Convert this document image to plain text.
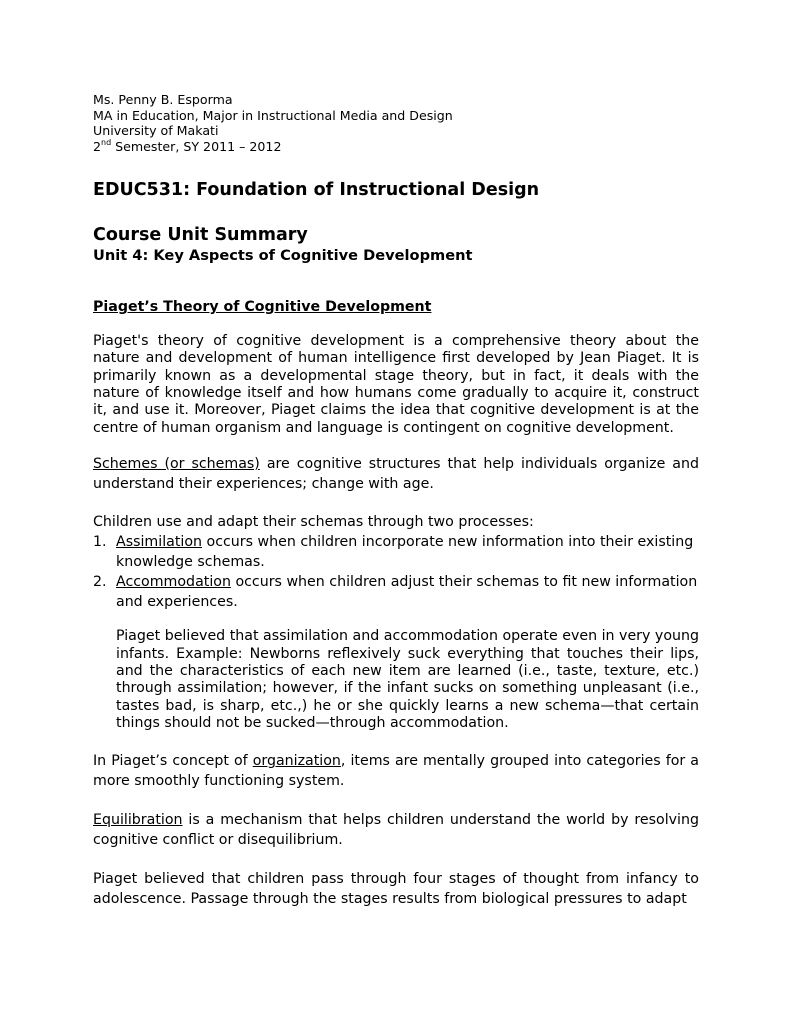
Ms. Penny B. Esporma
MA in Education, Major in Instructional Media and Design
University of Makati
2nd Semester, SY 2011 – 2012
EDUC531: Foundation of Instructional Design
Course Unit Summary
Unit 4: Key Aspects of Cognitive Development
Piaget’s Theory of Cognitive Development
Piaget's theory of cognitive development is a comprehensive theory about the nature and development of human intelligence first developed by Jean Piaget. It is primarily known as a developmental stage theory, but in fact, it deals with the nature of knowledge itself and how humans come gradually to acquire it, construct it, and use it. Moreover, Piaget claims the idea that cognitive development is at the centre of human organism and language is contingent on cognitive development.
Schemes (or schemas) are cognitive structures that help individuals organize and understand their experiences; change with age.
Children use and adapt their schemas through two processes:
1. Assimilation occurs when children incorporate new information into their existing knowledge schemas.
2. Accommodation occurs when children adjust their schemas to fit new information and experiences.
Piaget believed that assimilation and accommodation operate even in very young infants. Example: Newborns reflexively suck everything that touches their lips, and the characteristics of each new item are learned (i.e., taste, texture, etc.) through assimilation; however, if the infant sucks on something unpleasant (i.e., tastes bad, is sharp, etc.,) he or she quickly learns a new schema—that certain things should not be sucked—through accommodation.
In Piaget’s concept of organization, items are mentally grouped into categories for a more smoothly functioning system.
Equilibration is a mechanism that helps children understand the world by resolving cognitive conflict or disequilibrium.
Piaget believed that children pass through four stages of thought from infancy to adolescence. Passage through the stages results from biological pressures to adapt
